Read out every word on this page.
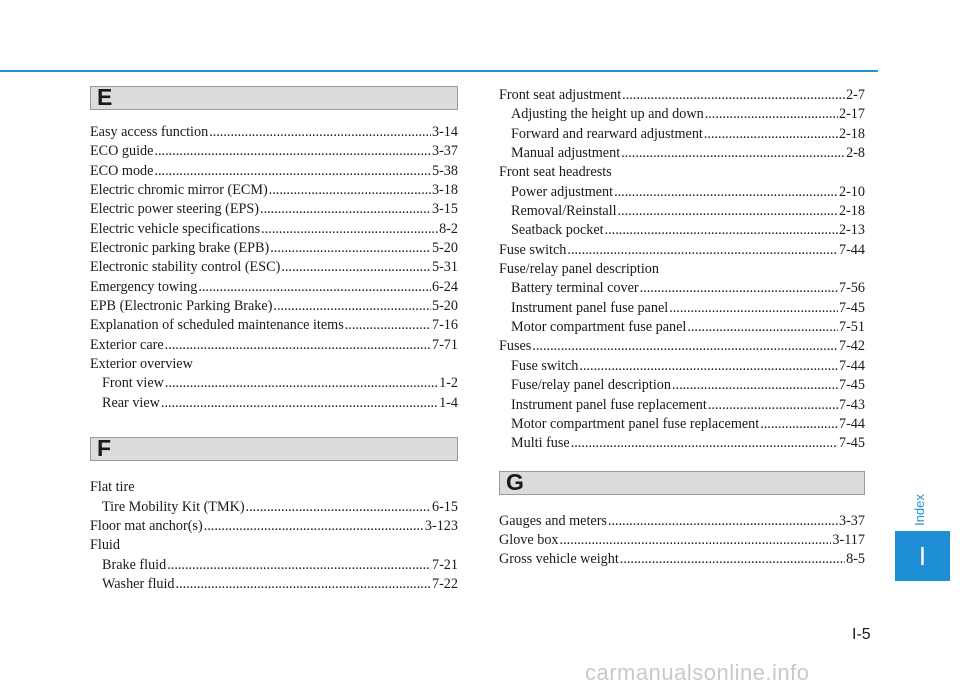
E
Easy access function .....	3-14
ECO guide .....	3-37
ECO mode .....	5-38
Electric chromic mirror (ECM) .....	3-18
Electric power steering (EPS) .....	3-15
Electric vehicle specifications .....	8-2
Electronic parking brake (EPB) .....	5-20
Electronic stability control (ESC) .....	5-31
Emergency towing .....	6-24
EPB (Electronic Parking Brake) .....	5-20
Explanation of scheduled maintenance items .....	7-16
Exterior care .....	7-71
Exterior overview
Front view .....	1-2
Rear view .....	1-4
F
Flat tire
Tire Mobility Kit (TMK) .....	6-15
Floor mat anchor(s) .....	3-123
Fluid
Brake fluid .....	7-21
Washer fluid .....	7-22
Front seat adjustment .....	2-7
Adjusting the height up and down .....	2-17
Forward and rearward adjustment .....	2-18
Manual adjustment .....	2-8
Front seat headrests
Power adjustment .....	2-10
Removal/Reinstall .....	2-18
Seatback pocket .....	2-13
Fuse switch .....	7-44
Fuse/relay panel description
Battery terminal cover .....	7-56
Instrument panel fuse panel .....	7-45
Motor compartment fuse panel .....	7-51
Fuses .....	7-42
Fuse switch .....	7-44
Fuse/relay panel description .....	7-45
Instrument panel fuse replacement .....	7-43
Motor compartment panel fuse replacement .....	7-44
Multi fuse .....	7-45
G
Gauges and meters .....	3-37
Glove box .....	3-117
Gross vehicle weight .....	8-5
Index
I
I-5
carmanualsonline.info
